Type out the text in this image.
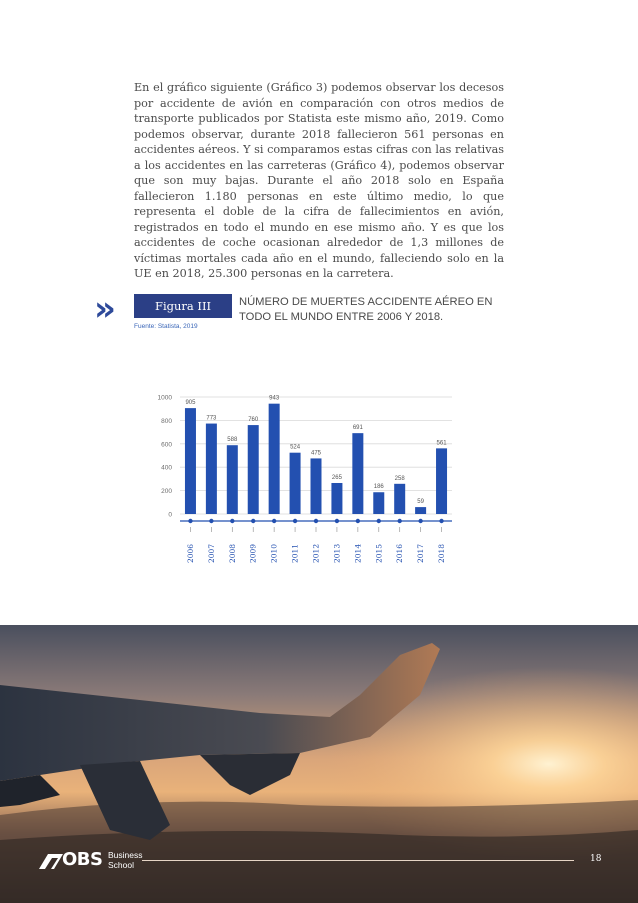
En el gráfico siguiente (Gráfico 3) podemos observar los decesos por accidente de avión en comparación con otros medios de transporte publicados por Statista este mismo año, 2019. Como podemos observar, durante 2018 fallecieron 561 personas en accidentes aéreos. Y si comparamos estas cifras con las relativas a los accidentes en las carreteras (Gráfico 4), podemos observar que son muy bajas. Durante el año 2018 solo en España fallecieron 1.180 personas en este último medio, lo que representa el doble de la cifra de fallecimientos en avión, registrados en todo el mundo en ese mismo año. Y es que los accidentes de coche ocasionan alrededor de 1,3 millones de víctimas mortales cada año en el mundo, falleciendo solo en la UE en 2018, 25.300 personas en la carretera.

»	Figura III
Fuente: Statista, 2019
NÚMERO DE MUERTES ACCIDENTE AÉREO EN TODO EL MUNDO ENTRE 2006 Y 2018.
0
200
400
600
800
1000
905
773
588
760
943
524
475
265
691
186
258
59
561
2006 2007 2008 2009 2010 2011 2012 2013 2014 2015 2016 2017 2018
OBS Business
School
18
